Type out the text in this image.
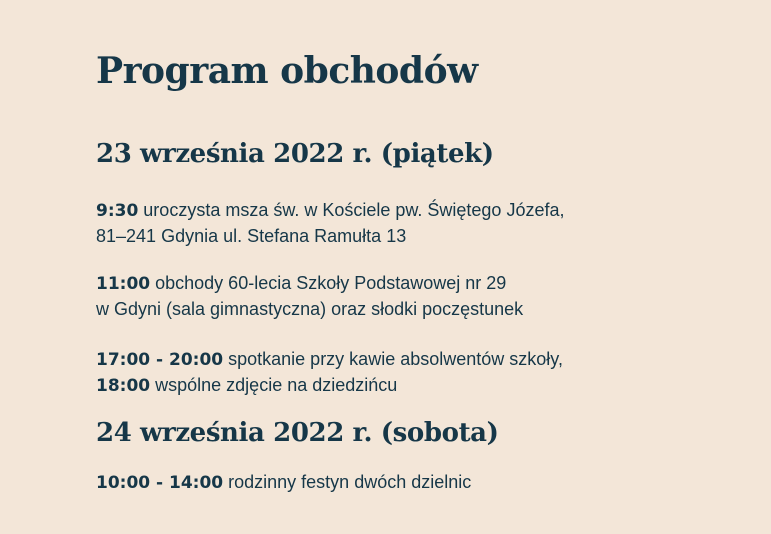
Program obchodów
23 września 2022 r. (piątek)

9:30 uroczysta msza św. w Kościele pw. Świętego Józefa,
81–241 Gdynia ul. Stefana Ramułta 13

11:00 obchody 60-lecia Szkoły Podstawowej nr 29
w Gdyni (sala gimnastyczna) oraz słodki poczęstunek

17:00 - 20:00 spotkanie przy kawie absolwentów szkoły,
18:00 wspólne zdjęcie na dziedzińcu

24 września 2022 r. (sobota)

10:00 - 14:00 rodzinny festyn dwóch dzielnic
